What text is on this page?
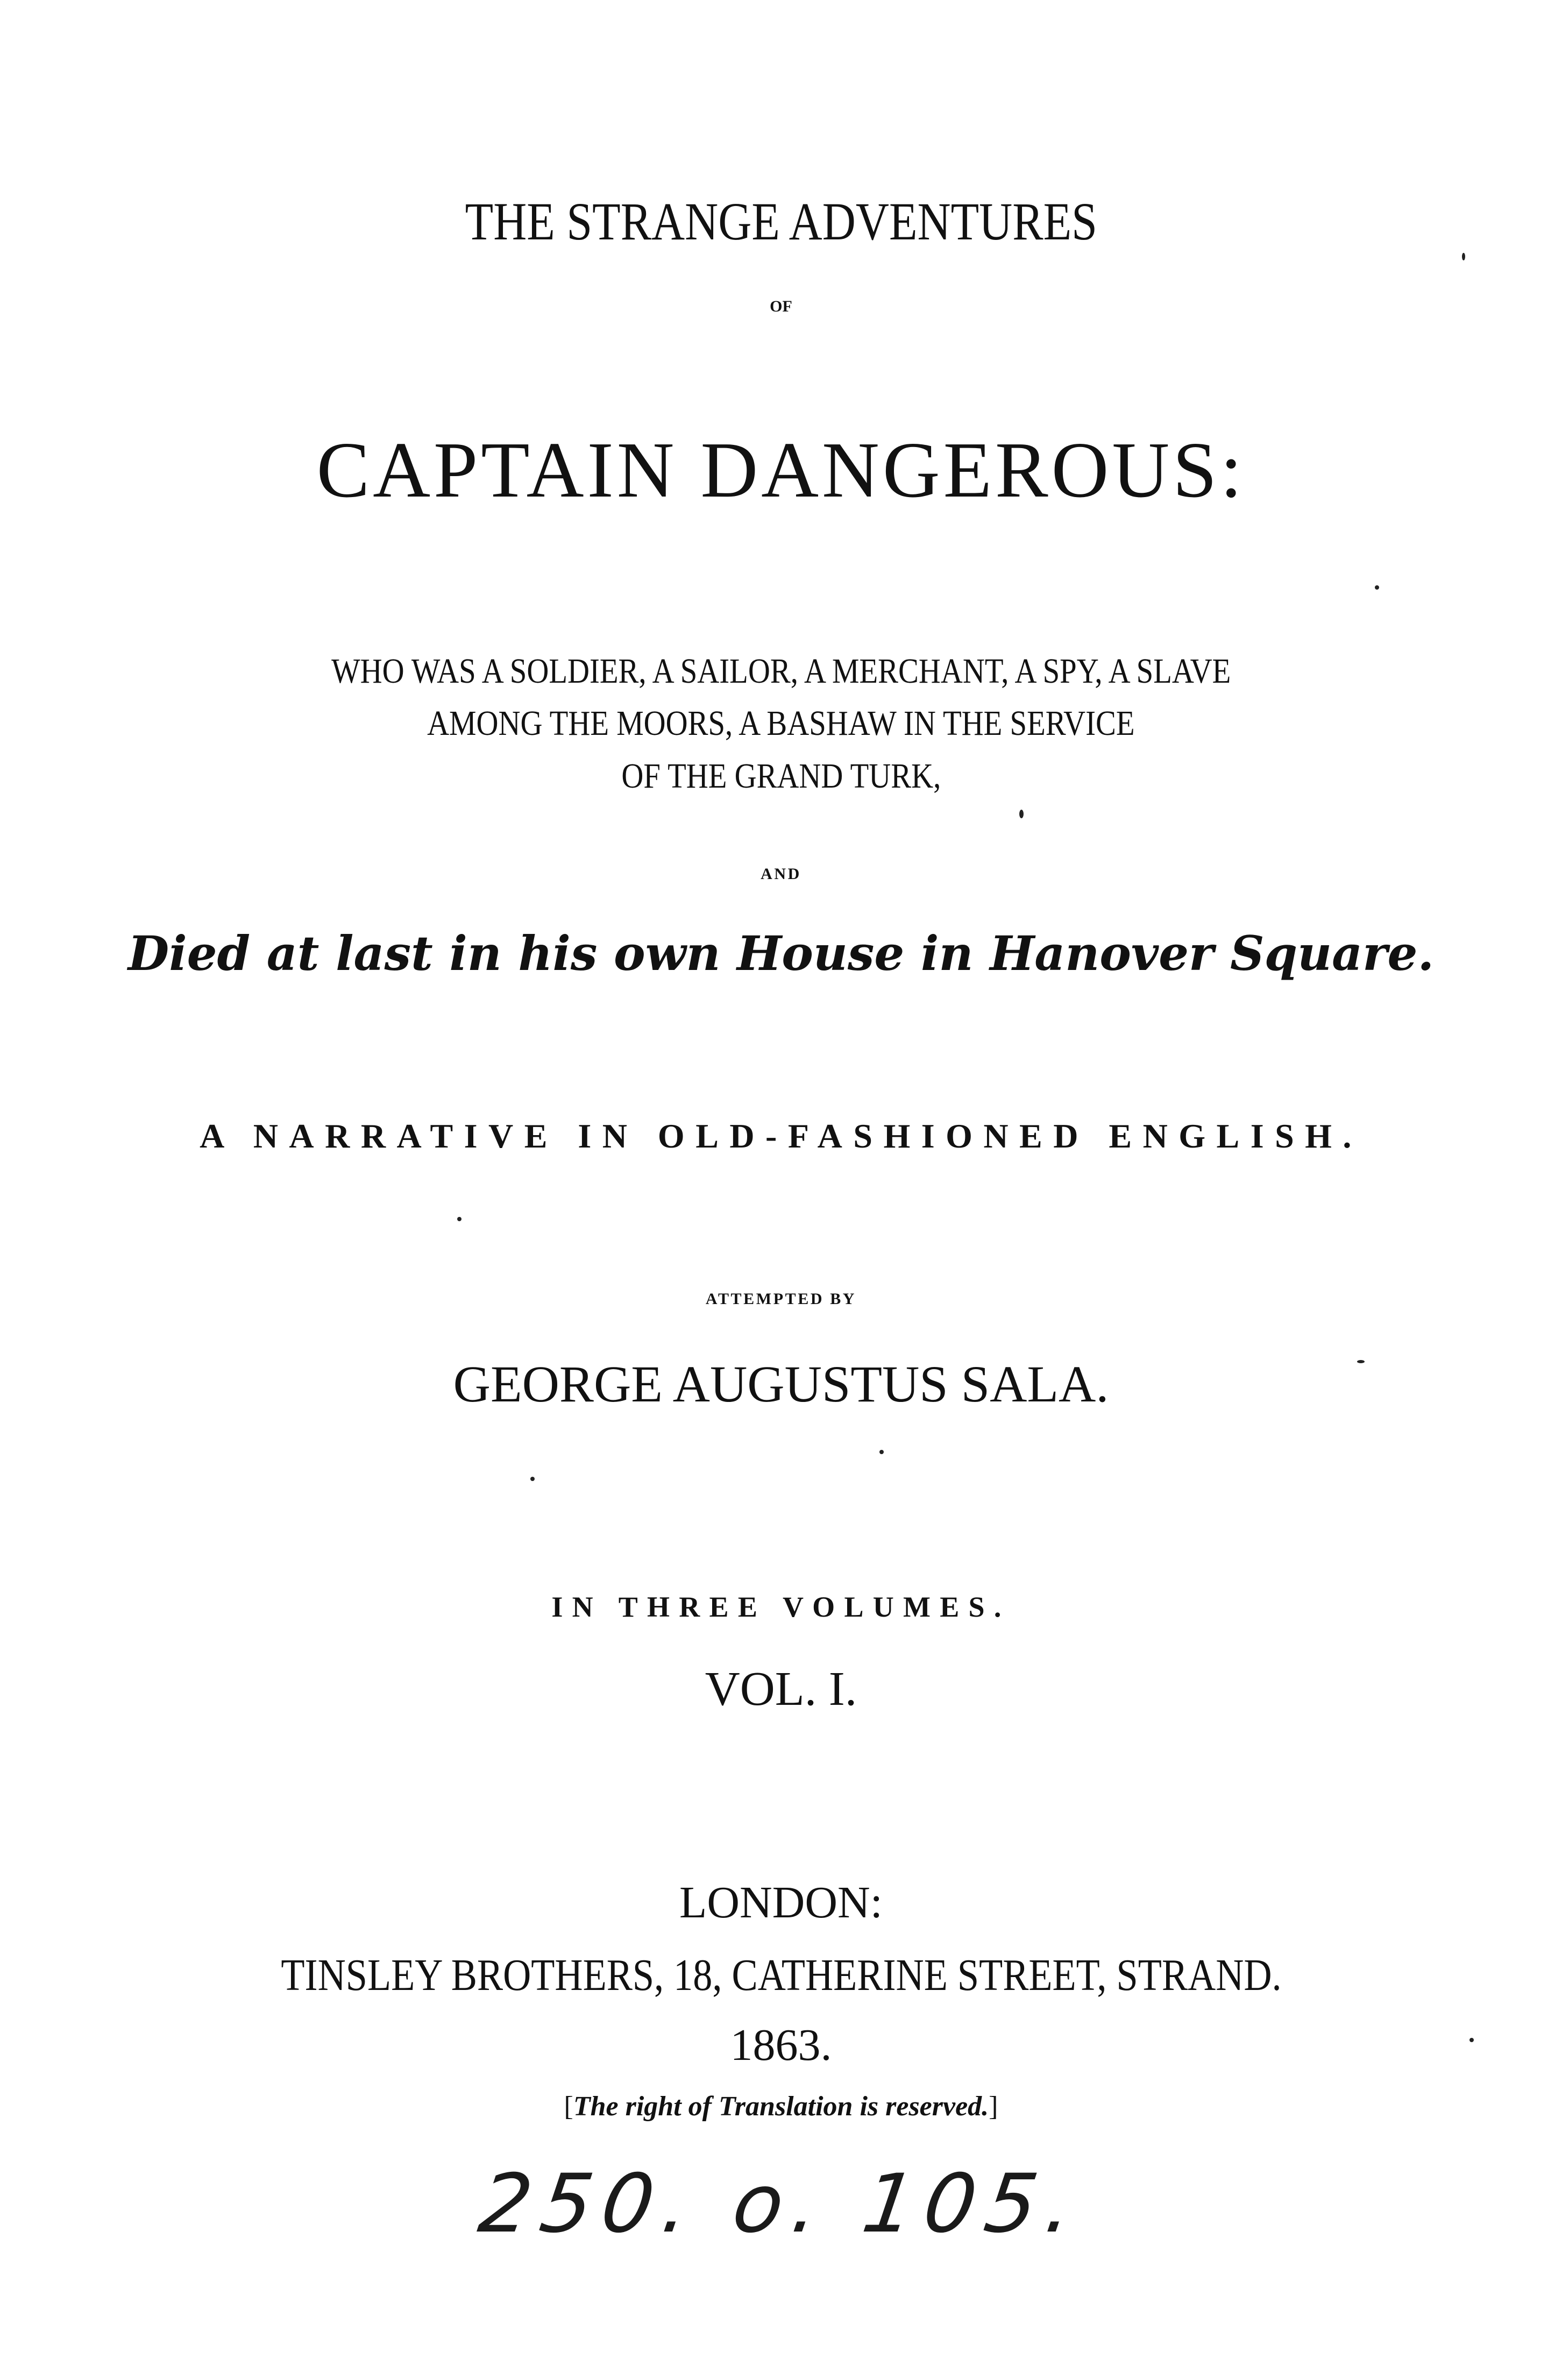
THE STRANGE ADVENTURES
OF
CAPTAIN DANGEROUS:
WHO WAS A SOLDIER, A SAILOR, A MERCHANT, A SPY, A SLAVE
AMONG THE MOORS, A BASHAW IN THE SERVICE
OF THE GRAND TURK,
AND
Died at last in his own House in Hanover Square.
A NARRATIVE IN OLD-FASHIONED ENGLISH.
ATTEMPTED BY
GEORGE AUGUSTUS SALA.
IN THREE VOLUMES.
VOL. I.
LONDON:
TINSLEY BROTHERS, 18, CATHERINE STREET, STRAND.
1863.
[The right of Translation is reserved.]
250. o. 105.
